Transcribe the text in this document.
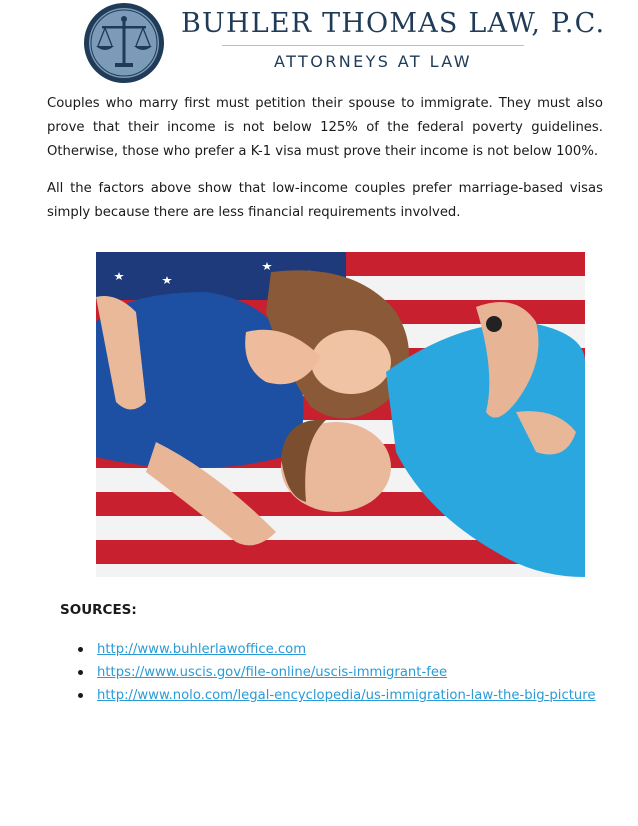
BUHLER THOMAS LAW, P.C.
ATTORNEYS AT LAW

Couples who marry first must petition their spouse to immigrate. They must also prove that their income is not below 125% of the federal poverty guidelines. Otherwise, those who prefer a K-1 visa must prove their income is not below 100%.

All the factors above show that low-income couples prefer marriage-based visas simply because there are less financial requirements involved.

SOURCES:
http://www.buhlerlawoffice.com
https://www.uscis.gov/file-online/uscis-immigrant-fee
http://www.nolo.com/legal-encyclopedia/us-immigration-law-the-big-picture
